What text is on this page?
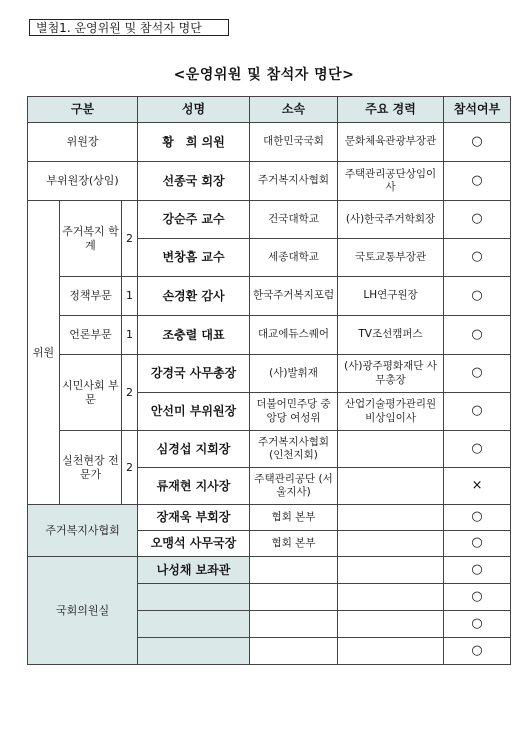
별첨1. 운영위원 및 참석자 명단
<운영위원 및 참석자 명단>
구분			성명	소속	주요 경력	참석여부
위원장			황　희 의원	대한민국국회	문화체육관광부장관	○
부위원장(상임)			선종국 회장	주거복지사협회	주택관리공단상임이사	○
위원	주거복지 학계	2	강순주 교수	건국대학교	(사)한국주거학회장	○
			변창흠 교수	세종대학교	국토교통부장관	○
	정책부문	1	손경환 감사	한국주거복지포럼	LH연구원장	○
	언론부문	1	조충렬 대표	대교에듀스퀘어	TV조선캠퍼스	○
	시민사회 부문	2	강경국 사무총장	(사)발휘재	(사)광주평화재단 사무총장	○
			안선미 부위원장	더불어민주당 중앙당 여성위	산업기술평가관리원 비상임이사	○
	실천현장 전문가	2	심경섭 지회장	주거복지사협회 (인천지회)		○
			류재현 지사장	주택관리공단 (서울지사)		×
주거복지사협회			장재욱 부회장	협회 본부		○
			오맹석 사무국장	협회 본부		○
국회의원실			나성채 보좌관			○
						○
						○
						○
